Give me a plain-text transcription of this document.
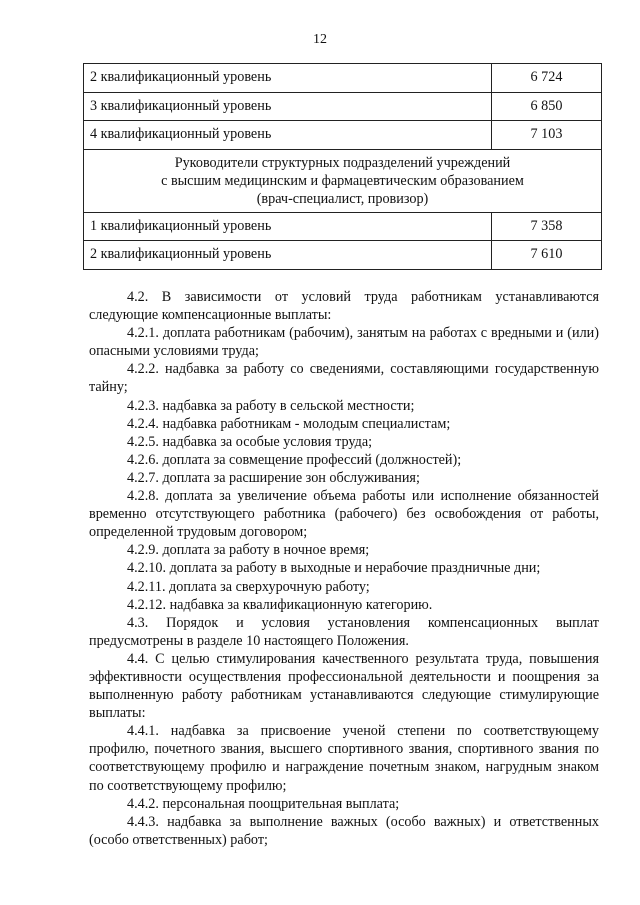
12
2 квалификационный уровень	6 724
3 квалификационный уровень	6 850
4 квалификационный уровень	7 103

Руководители структурных подразделений учреждений
с высшим медицинским и фармацевтическим образованием
(врач-специалист, провизор)	

1 квалификационный уровень	7 358
2 квалификационный уровень	7 610

4.2. В зависимости от условий труда работникам устанавливаются следующие компенсационные выплаты:

4.2.1. доплата работникам (рабочим), занятым на работах с вредными и (или) опасными условиями труда;

4.2.2. надбавка за работу со сведениями, составляющими государственную тайну;

4.2.3. надбавка за работу в сельской местности;

4.2.4. надбавка работникам - молодым специалистам;

4.2.5. надбавка за особые условия труда;

4.2.6. доплата за совмещение профессий (должностей);

4.2.7. доплата за расширение зон обслуживания;

4.2.8. доплата за увеличение объема работы или исполнение обязанностей временно отсутствующего работника (рабочего) без освобождения от работы, определенной трудовым договором;

4.2.9. доплата за работу в ночное время;

4.2.10. доплата за работу в выходные и нерабочие праздничные дни;

4.2.11. доплата за сверхурочную работу;

4.2.12. надбавка за квалификационную категорию.

4.3. Порядок и условия установления компенсационных выплат предусмотрены в разделе 10 настоящего Положения.

4.4. С целью стимулирования качественного результата труда, повышения эффективности осуществления профессиональной деятельности и поощрения за выполненную работу работникам устанавливаются следующие стимулирующие выплаты:

4.4.1. надбавка за присвоение ученой степени по соответствующему профилю, почетного звания, высшего спортивного звания, спортивного звания по соответствующему профилю и награждение почетным знаком, нагрудным знаком по соответствующему профилю;

4.4.2. персональная поощрительная выплата;

4.4.3. надбавка за выполнение важных (особо важных) и ответственных (особо ответственных) работ;
